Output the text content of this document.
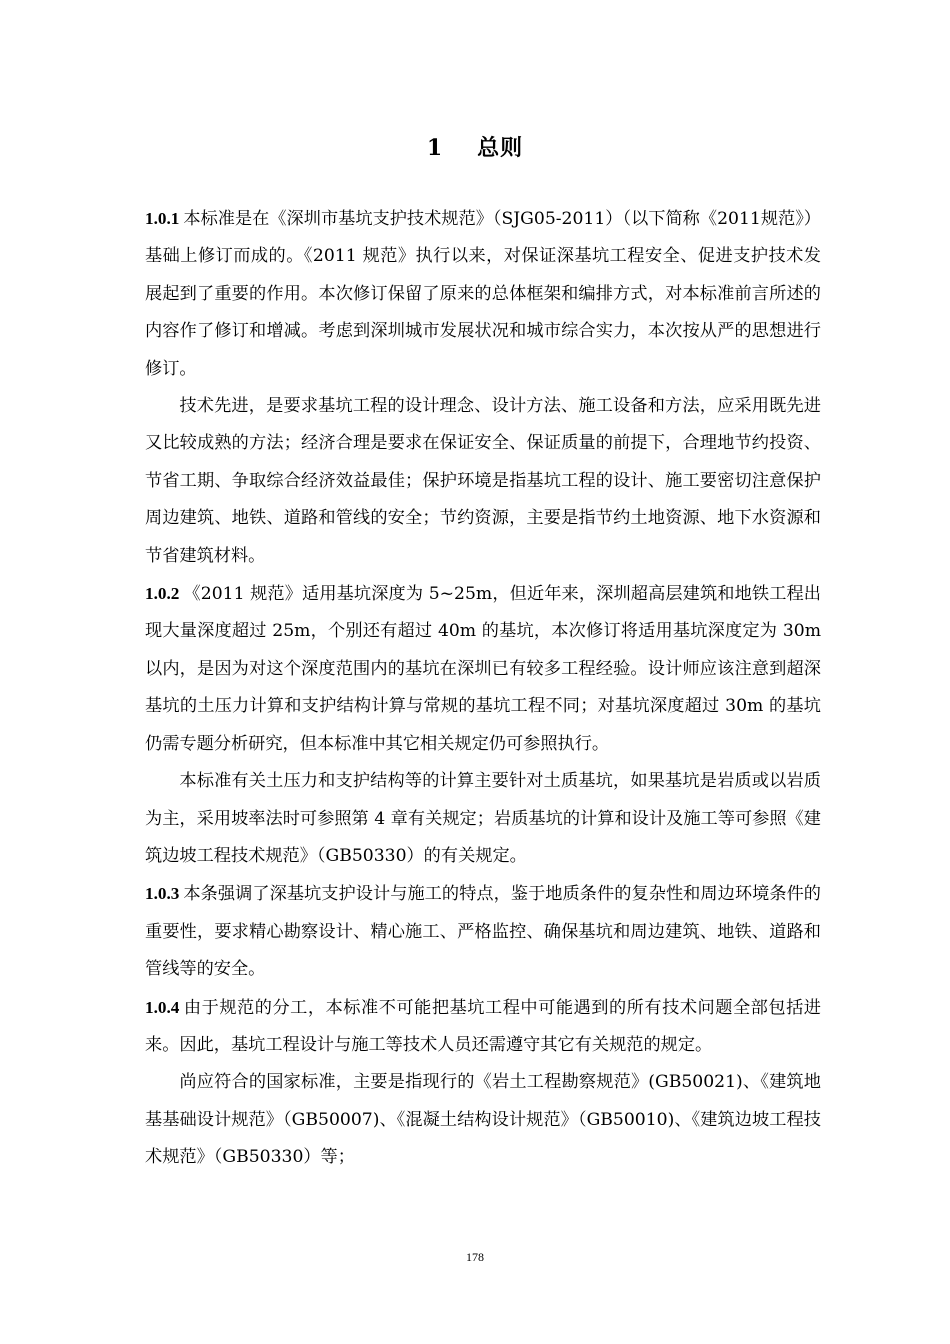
1 总则

1.0.1 本标准是在《深圳市基坑支护技术规范》（SJG05-2011）（以下简称《2011规范》）基础上修订而成的。《2011 规范》执行以来，对保证深基坑工程安全、促进支护技术发展起到了重要的作用。本次修订保留了原来的总体框架和编排方式，对本标准前言所述的内容作了修订和增减。考虑到深圳城市发展状况和城市综合实力，本次按从严的思想进行修订。

技术先进，是要求基坑工程的设计理念、设计方法、施工设备和方法，应采用既先进又比较成熟的方法；经济合理是要求在保证安全、保证质量的前提下，合理地节约投资、节省工期、争取综合经济效益最佳；保护环境是指基坑工程的设计、施工要密切注意保护周边建筑、地铁、道路和管线的安全；节约资源，主要是指节约土地资源、地下水资源和节省建筑材料。

1.0.2 《2011 规范》适用基坑深度为 5~25m，但近年来，深圳超高层建筑和地铁工程出现大量深度超过 25m，个别还有超过 40m 的基坑，本次修订将适用基坑深度定为 30m 以内，是因为对这个深度范围内的基坑在深圳已有较多工程经验。设计师应该注意到超深基坑的土压力计算和支护结构计算与常规的基坑工程不同；对基坑深度超过 30m 的基坑仍需专题分析研究，但本标准中其它相关规定仍可参照执行。

本标准有关土压力和支护结构等的计算主要针对土质基坑，如果基坑是岩质或以岩质为主，采用坡率法时可参照第 4 章有关规定；岩质基坑的计算和设计及施工等可参照《建筑边坡工程技术规范》（GB50330）的有关规定。

1.0.3 本条强调了深基坑支护设计与施工的特点，鉴于地质条件的复杂性和周边环境条件的重要性，要求精心勘察设计、精心施工、严格监控、确保基坑和周边建筑、地铁、道路和管线等的安全。

1.0.4 由于规范的分工，本标准不可能把基坑工程中可能遇到的所有技术问题全部包括进来。因此，基坑工程设计与施工等技术人员还需遵守其它有关规范的规定。

尚应符合的国家标准，主要是指现行的《岩土工程勘察规范》(GB50021)、《建筑地基基础设计规范》（GB50007)、《混凝土结构设计规范》（GB50010)、《建筑边坡工程技术规范》（GB50330）等；

178
